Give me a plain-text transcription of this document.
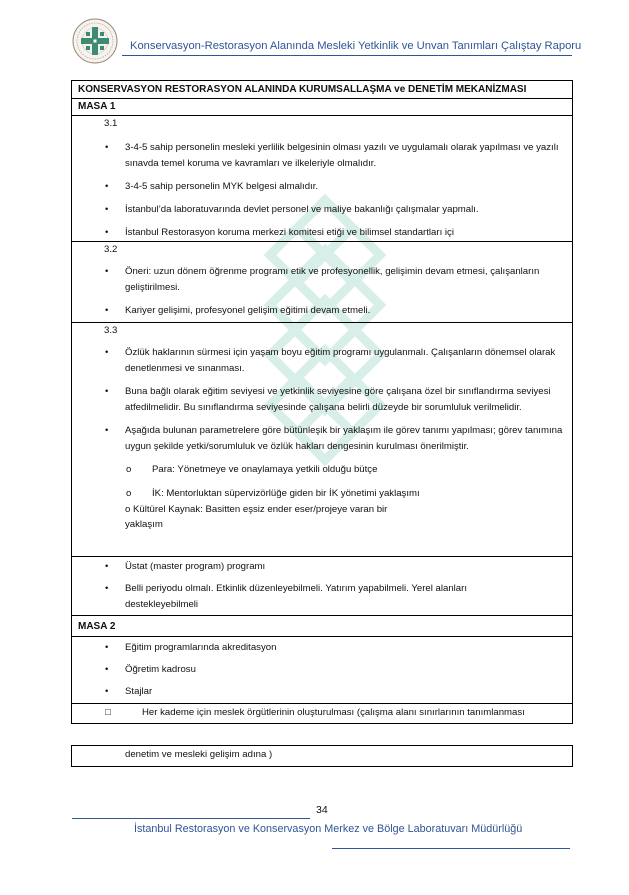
Konservasyon-Restorasyon Alanında Mesleki Yetkinlik ve Unvan Tanımları Çalıştay Raporu
KONSERVASYON RESTORASYON ALANINDA KURUMSALLAŞMA ve DENETİM MEKANİZMASI
MASA 1
3.1
• 3-4-5 sahip personelin mesleki yerlilik belgesinin olması yazılı ve uygulamalı olarak yapılması ve yazılı sınavda temel koruma ve kavramları ve ilkeleriyle olmalıdır.
• 3-4-5 sahip personelin MYK belgesi almalıdır.
• İstanbul’da laboratuvarında devlet personel ve maliye bakanlığı çalışmalar yapmalı.
• İstanbul Restorasyon koruma merkezi komitesi etiği ve bilimsel standartları içi
3.2
• Öneri: uzun dönem öğrenme programı etik ve profesyonellik, gelişimin devam etmesi, çalışanların geliştirilmesi.
• Kariyer gelişimi, profesyonel gelişim eğitimi devam etmeli.
3.3
• Özlük haklarının sürmesi için yaşam boyu eğitim programı uygulanmalı. Çalışanların dönemsel olarak denetlenmesi ve sınanması.
• Buna bağlı olarak eğitim seviyesi ve yetkinlik seviyesine göre çalışana özel bir sınıflandırma seviyesi atfedilmelidir. Bu sınıflandırma seviyesinde çalışana belirli düzeyde bir sorumluluk verilmelidir.
• Aşağıda bulunan parametrelere göre bütünleşik bir yaklaşım ile görev tanımı yapılması; görev tanımına uygun şekilde yetki/sorumluluk ve özlük hakları dengesinin kurulması önerilmiştir.
o Para: Yönetmeye ve onaylamaya yetkili olduğu bütçe
o İK: Mentorluktan süpervizörlüğe giden bir İK yönetimi yaklaşımı
o Kültürel Kaynak: Basitten eşsiz ender eser/projeye varan bir
yaklaşım
• Üstat (master program) programı
• Belli periyodu olmalı. Etkinlik düzenleyebilmeli. Yatırım yapabilmeli. Yerel alanları destekleyebilmeli
MASA 2
• Eğitim programlarında akreditasyon
• Öğretim kadrosu
• Stajlar
□	Her kademe için meslek örgütlerinin oluşturulması (çalışma alanı sınırlarının tanımlanması
denetim ve mesleki gelişim adına )
34
İstanbul Restorasyon ve Konservasyon Merkez ve Bölge Laboratuvarı Müdürlüğü
